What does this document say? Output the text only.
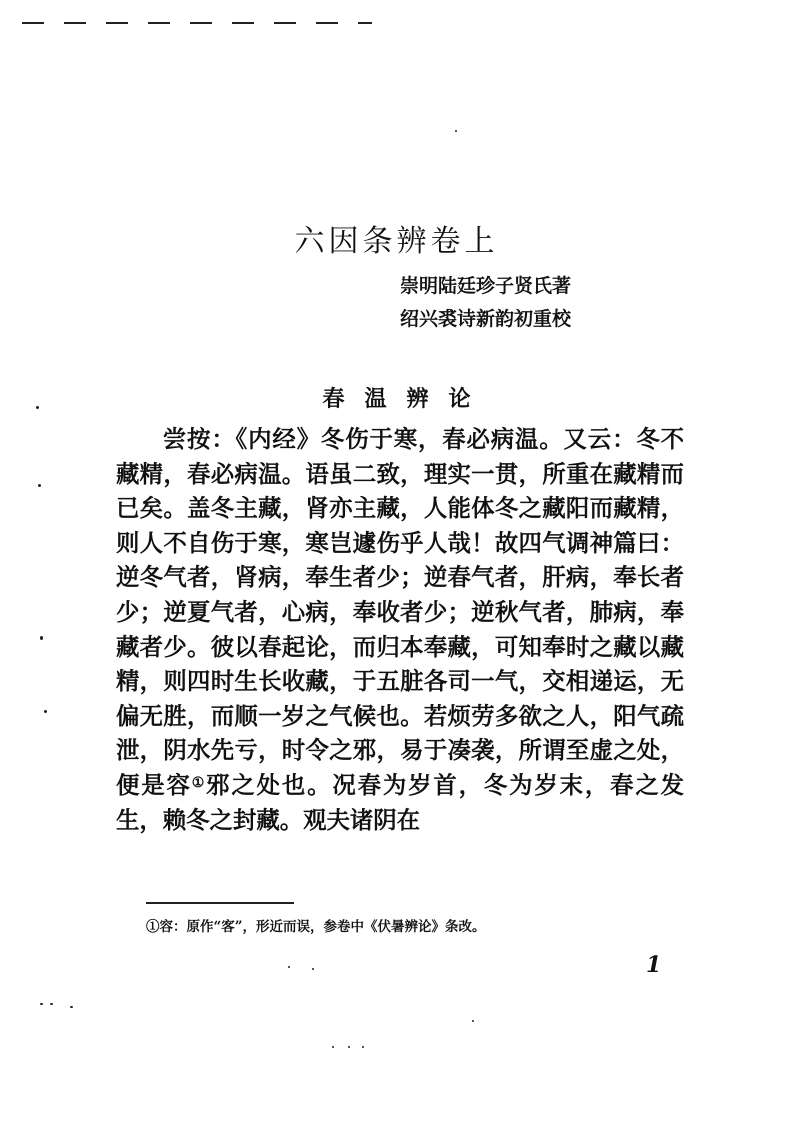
六因条辨卷上
崇明陆廷珍子贤氏著
绍兴裘诗新韵初重校
春温辨论

尝按：《内经》冬伤于寒，春必病温。又云：冬不藏精，春必病温。语虽二致，理实一贯，所重在藏精而已矣。盖冬主藏，肾亦主藏，人能体冬之藏阳而藏精，则人不自伤于寒，寒岂遽伤乎人哉！故四气调神篇曰：逆冬气者，肾病，奉生者少；逆春气者，肝病，奉长者少；逆夏气者，心病，奉收者少；逆秋气者，肺病，奉藏者少。彼以春起论，而归本奉藏，可知奉时之藏以藏精，则四时生长收藏，于五脏各司一气，交相递运，无偏无胜，而顺一岁之气候也。若烦劳多欲之人，阳气疏泄，阴水先亏，时令之邪，易于凑袭，所谓至虚之处，便是容①邪之处也。况春为岁首，冬为岁末，春之发生，赖冬之封藏。观夫诸阴在

①容：原作“客”，形近而误，参卷中《伏暑辨论》条改。
1
